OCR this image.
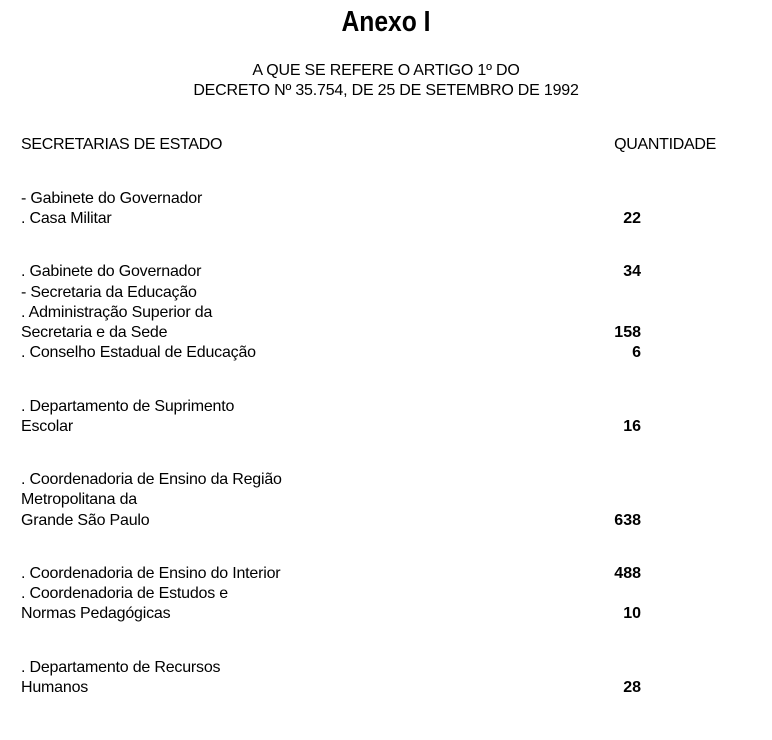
Anexo I
A QUE SE REFERE O ARTIGO 1º DO
DECRETO Nº 35.754, DE 25 DE SETEMBRO DE 1992
SECRETARIAS DE ESTADO	QUANTIDADE
- Gabinete do Governador
. Casa Militar	22
. Gabinete do Governador	34
- Secretaria da Educação
. Administração Superior da
Secretaria e da Sede	158
. Conselho Estadual de Educação	6
. Departamento de Suprimento
Escolar	16
. Coordenadoria de Ensino da Região
Metropolitana da
Grande São Paulo	638
. Coordenadoria de Ensino do Interior	488
. Coordenadoria de Estudos e
Normas Pedagógicas	10
. Departamento de Recursos
Humanos	28
